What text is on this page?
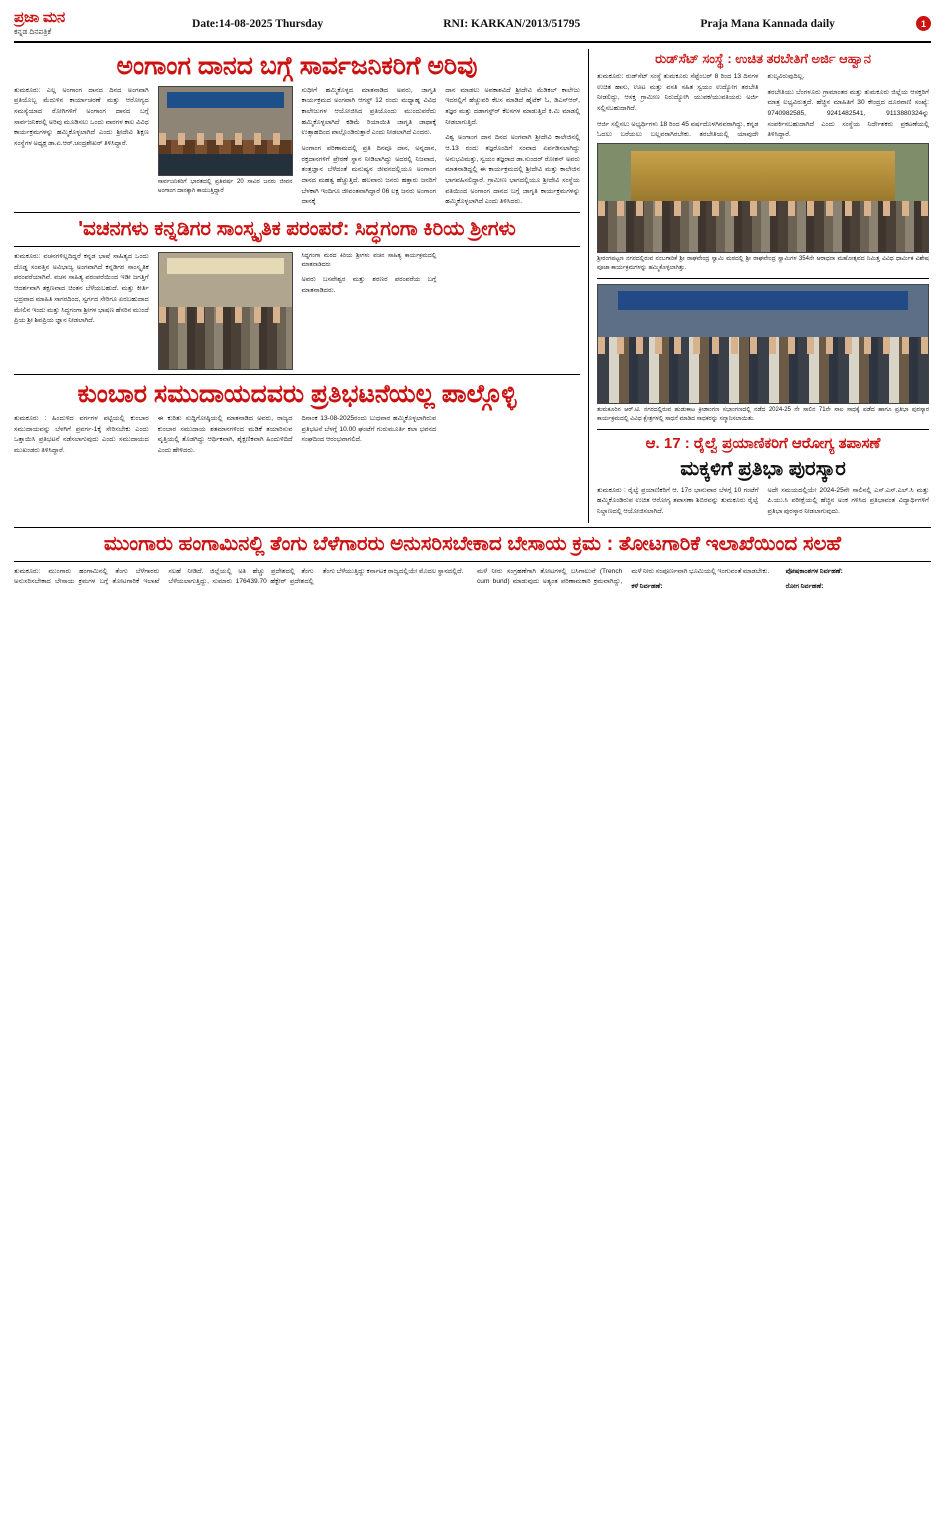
ಪ್ರಜಾ ಮನ
ಕನ್ನಡ ದಿನಪತ್ರಿಕೆ
Date:14-08-2025 Thursday	RNI: KARKAN/2013/51795	Praja Mana Kannada daily	1
ಅಂಗಾಂಗ ದಾನದ ಬಗ್ಗೆ ಸಾರ್ವಜನಿಕರಿಗೆ ಅರಿವು

ತುಮಕೂರು: ಎಲ್ಲ ಅಂಗಾಂಗ ದಾನದ ದಿನದ ಅಂಗವಾಗಿ ಪ್ರತಿಯೊಬ್ಬ ಮೆದುಳಿನ ಕಾರ್ಯಾಚರಣೆ ಮತ್ತು ಆರೋಗ್ಯದ ಸಮಸ್ಯೆಯಾದ ರೋಗಿಗಳಿಗೆ ಅಂಗಾಂಗ ದಾನದ ಬಗ್ಗೆ ಸಾರ್ವಜನಿಕರಲ್ಲಿ ಅರಿವು ಮೂಡಿಸಲು ಒಂದು ವಾರಗಳ ಕಾಲ ವಿವಿಧ ಕಾರ್ಯಕ್ರಮಗಳನ್ನು ಹಮ್ಮಿಕೊಳ್ಳಲಾಗಿದೆ ಎಂದು ಶ್ರೀದೇವಿ ಶಿಕ್ಷಣ ಸಂಸ್ಥೆಗಳ ಅಧ್ಯಕ್ಷ ಡಾ.ಏ.ಆರ್.ಚಂದ್ರಶೇಖರ್ ತಿಳಿಸಿದ್ದಾರೆ.

ಸಾರ್ವಜನಿಕರಿಗೆ ಭಾರತದಲ್ಲಿ ಪ್ರತಿವರ್ಷ 20 ಸಾವಿರ ಜನರು ಜೀವನ ಅಂಗಾಂಗ ದಾನಕ್ಕಾಗಿ ಕಾಯುತ್ತಿದ್ದಾರೆ

ಸುಧೀಗೆ ಹಮ್ಮಿಕೊಳ್ಳದ ಮಾತನಾಡಿದ ಅವರು, ಜಾಗೃತಿ ಕಾರ್ಯಕ್ರಮದ ಅಂಗವಾಗಿ ಆಗಸ್ಟ್ 12 ರಂದು ಮಧ್ಯಾಹ್ನ ವಿವಿಧ ಕಾಲೇಜುಗಳ ಆಯೋಜಿಸಿದ ಪ್ರತಿಯೊಂದು ಮುಂದುವರೆದು ಹಮ್ಮಿಕೊಳ್ಳಲಾಗಿದೆ ಕಡಿಮೆ ರಿಯಾಯಿತಿ ಜಾಗೃತಿ ಜಾಥಾಕ್ಕೆ ಉತ್ಸಾಹದಿಂದ ಪಾಲ್ಗೊಂಡಿರುತ್ತಾರೆ ಎಂದು ನೀಡಲಾಗಿದೆ ಎಂದರು.

ಅಂಗಾಂಗ ಪರಿಣಾಮದಲ್ಲಿ ಪ್ರತಿ ದಿನವೂ ದಾನ, ಅನ್ನದಾನ, ರಕ್ತದಾನಗಳಿಗೆ ಪ್ರೇರಣೆ ಸ್ಥಾನ ನೀಡಿಲಾಗಿದ್ದು ಅದರಲ್ಲಿ ನಿಜವಾದ, ತಂತ್ರಜ್ಞಾನ ಬೆಳೆದಂತೆ ಮನುಷ್ಯನ ಜೀವನದಲ್ಲಿಯೂ ಅಂಗಾಂಗ ದಾನದ ಮಹತ್ವ ಹೆಚ್ಚುತ್ತಿದೆ. ಹಲವಾರು ಜನರು ಹತ್ತಾರು ಜನರಿಗೆ ಬೆಳಕಾಗಿ ಇಂದಿಗೂ ಜೀವಂತವಾಗಿದ್ದಾರೆ 06 ಲಕ್ಷ ಜನರು ಅಂಗಾಂಗ ದಾನಕ್ಕೆ

ದಾನ ಮಾಡಲು ಅವಕಾಶವಿದೆ ಶ್ರೀದೇವಿ ಮೆಡಿಕಲ್ ಕಾಲೇಜು ಇದರಲ್ಲಿಗೆ ಹೆಚ್ಚುವರಿ ಕೆಲಸ ಮಾಡಿದೆ ಹೈಟೆಕ್ ಓ, ಡಿಎಸ್‌ಆರ್, ತಜ್ಞರ ಮತ್ತು ದಡಾಗಸ್ಟ್‌ರ್ ಕೆಲಸಗಳ ಮಾಡುತ್ತಿದೆ ಕಿ.ಮಿ ಮಾಡಲ್ಲಿ ನೀಡಲಾಗುತ್ತಿದೆ.

ವಿಶ್ವ ಅಂಗಾಂಗ ದಾನ ದಿನದ ಅಂಗವಾಗಿ ಶ್ರೀದೇವಿ ಕಾಲೇಜಿನಲ್ಲಿ ಆ.13 ರಂದು ತಜ್ಞರೊಂದಿಗೆ ಸಂವಾದ ಏರ್ಪಡಿಸಲಾಗಿದ್ದು ಅನುಭವಿಮತ್ತು, ಸ್ವಯಂ ತಜ್ಞರಾದ ಡಾ.ಸುಂದರ್ ರೋಶನ್ ಅವರು ಮಾತನಾಡಿದ್ದಲ್ಲಿ ಈ ಕಾರ್ಯಕ್ರಮದಲ್ಲಿ ಶ್ರೀದೇವಿ ಮತ್ತು ಕಾಲೇಜಿನ ಭಾಗವಹಿಸಲಿದ್ದಾರೆ. ಗ್ರಾಮೀಣ ಭಾಗದಲ್ಲಿಯೂ ಶ್ರೀದೇವಿ ಸಂಸ್ಥೆಯ ವತಿಯಿಂದ ಅಂಗಾಂಗ ದಾನದ ಬಗ್ಗೆ ಜಾಗೃತಿ ಕಾರ್ಯಕ್ರಮಗಳನ್ನು ಹಮ್ಮಿಕೊಳ್ಳಲಾಗಿದೆ ಎಂದು ತಿಳಿಸಿದರು.

'ವಚನಗಳು ಕನ್ನಡಿಗರ ಸಾಂಸ್ಕೃತಿಕ ಪರಂಪರೆ: ಸಿದ್ಧಗಂಗಾ ಕಿರಿಯ ಶ್ರೀಗಳು

ತುಮಕೂರು: ವಚನಗಳಿಲ್ಲದಿದ್ದರೆ ಕನ್ನಡ ಭಾಷೆ ಸಾಹಿತ್ಯದ ಒಂದು ದೊಡ್ಡ ಸಂಪತ್ತಿನ ಅವಿಭಾಜ್ಯ ಅಂಗವಾಗಿದೆ ಕನ್ನಡಿಗರ ಸಾಂಸ್ಕೃತಿಕ ಪರಂಪರೆಯಾಗಿವೆ. ವಚನ ಸಾಹಿತ್ಯ ಪರಂಪರೆಯಿಂದ ಇಡೀ ಜಗತ್ತಿಗೆ ಆದರ್ಶವಾಗಿ ತಕ್ಷಣವಾದ ಚಿಂತನ ಬೆಳೆಯಬಹುದೆ. ಮತ್ತು ಕೀರ್ತಿ ಭದ್ರವಾದ ಮಾಹಿತಿ ಸಾಗರದಿಂದ, ಸ್ವರ್ಗದ ಸೇರಿಗೂ ಏರಬಹುದಾದ ಮೇಲಿನ ಇಂದು ಮತ್ತು ಸಿದ್ಧಗಂಗಾ ಶ್ರೀಗಳ ಭಾಷಣ ಹೆಸರಿನ ಮುಂದೆ ಪ್ರಿಯ ಶ್ರೀ ಶಿವಪ್ರಿಯ ಜ್ಞಾನ ನೀಡಲಾಗಿದೆ.

ಸಿದ್ಧಗಂಗಾ ಮಠದ ಕಿರಿಯ ಶ್ರೀಗಳು ವಚನ ಸಾಹಿತ್ಯ ಕಾರ್ಯಕ್ರಮದಲ್ಲಿ ಮಾತನಾಡಿದರು

ಅವರು ಬಸವೇಶ್ವರ ಮತ್ತು ಶರಣರ ಪರಂಪರೆಯ ಬಗ್ಗೆ ಮಾತನಾಡಿದರು.

ಕುಂಬಾರ ಸಮುದಾಯದವರು ಪ್ರತಿಭಟನೆಯಲ್ಲ ಪಾಲ್ಗೊಳ್ಳಿ

ತುಮಕೂರು : ಹಿಂದುಳಿದ ವರ್ಗಗಳ ಪಟ್ಟಿಯಲ್ಲಿ ಕುಂಬಾರ ಸಮುದಾಯವನ್ನು ಬೆಳಗಿಗೆ ಪ್ರವರ್ಗ-1ಕ್ಕೆ ಸೇರಿಸಬೇಕು ಎಂದು ಒತ್ತಾಯಿಸಿ ಪ್ರತಿಭಟನೆ ನಡೆಸಲಾಗುವುದು ಎಂದು ಸಮುದಾಯದ ಮುಖಂಡರು ತಿಳಿಸಿದ್ದಾರೆ.

ಈ ಕುರಿತು ಸುದ್ದಿಗೋಷ್ಠಿಯಲ್ಲಿ ಮಾತನಾಡಿದ ಅವರು, ರಾಜ್ಯದ ಕುಂಬಾರ ಸಮುದಾಯ ಶತಮಾನಗಳಿಂದ ಮಡಿಕೆ ತಯಾರಿಸುವ ವೃತ್ತಿಯಲ್ಲಿ ತೊಡಗಿದ್ದು ಆರ್ಥಿಕವಾಗಿ, ಶೈಕ್ಷಣಿಕವಾಗಿ ಹಿಂದುಳಿದಿದೆ ಎಂದು ಹೇಳಿದರು.

ದಿನಾಂಕ 13-08-2025ರಂದು ಬುಧವಾರ ಹಮ್ಮಿಕೊಳ್ಳಲಾಗಿರುವ ಪ್ರತಿಭಟನೆ ಬೆಳಗ್ಗೆ 10.00 ಘಂಟೆಗೆ ಗುರುಮೂರ್ತಿ ಕಲಾ ಭವನದ ಸಂಘದಿಂದ ಆರಂಭವಾಗಲಿದೆ.

ರುಡ್‌ಸೆಟ್ ಸಂಸ್ಥೆ : ಉಚಿತ ತರಬೇತಿಗೆ ಅರ್ಜಿ ಆಹ್ವಾನ

ತುಮಕೂರು: ರುಡ್‌ಸೆಟ್ ಸಂಸ್ಥೆ ತುಮಕೂರು ಸೆಪ್ಟೆಂಬರ್ 8 ರಿಂದ 13 ದಿನಗಳ ಉಚಿತ ಹಾಸು, ಊಟ ಮತ್ತು ವಸತಿ ಸಹಿತ ಸ್ವಯಂ ಉದ್ಯೋಗ ತರಬೇತಿ ನೀಡಲಿದ್ದು, ಆಸಕ್ತ ಗ್ರಾಮೀಣ ನಿರುದ್ಯೋಗಿ ಯುವಕ/ಯುವತಿಯರು ಅರ್ಜಿ ಸಲ್ಲಿಸಬಹುದಾಗಿದೆ.

ಆರ್ಜಿ ಸಲ್ಲಿಸಲು ಅಭ್ಯರ್ಥಿಗಳು 18 ರಿಂದ 45 ವರ್ಷದೊಳಗಿನವರಾಗಿದ್ದು, ಕನ್ನಡ ಓದಲು ಬರೆಯಲು ಬಲ್ಲವರಾಗಿರಬೇಕು. ತರಬೇತಿಯಲ್ಲಿ ಯಾವುದೇ ಶುಲ್ಕವಿರುವುದಿಲ್ಲ.

ತರಬೇತಿಯು ಬೆಂಗಳೂರು ಗ್ರಾಮಾಂತರ ಮತ್ತು ತುಮಕೂರು ಜಿಲ್ಲೆಯ ಆಸಕ್ತರಿಗೆ ಮಾತ್ರ ಲಭ್ಯವಿರುತ್ತದೆ. ಹೆಚ್ಚಿನ ಮಾಹಿತಿಗೆ 30 ಕೇಂದ್ರದ ದೂರವಾಣಿ ಸಂಖ್ಯೆ: 9740982585, 9241482541, 9113880324ನ್ನು ಸಂಪರ್ಕಿಸಬಹುದಾಗಿದೆ ಎಂದು ಸಂಸ್ಥೆಯ ನಿರ್ದೇಶಕರು ಪ್ರಕಟಣೆಯಲ್ಲಿ ತಿಳಿಸಿದ್ದಾರೆ.

ಶ್ರೀರಂಗಪಟ್ಟಣ ನಗರದಲ್ಲಿರುವ ನಂಬಗಾರಿಕೆ ಶ್ರೀ ರಾಘವೇಂದ್ರ ಸ್ವಾಮಿ ಮಠದಲ್ಲಿ ಶ್ರೀ ರಾಘವೇಂದ್ರ ಸ್ವಾಮಿಗಳ 354ನೇ ಆರಾಧನಾ ಮಹೋತ್ಸವದ ನಿಮಿತ್ತ ವಿವಿಧ ಧಾರ್ಮಿಕ ವಿಶೇಷ ಪೂಜಾ ಕಾರ್ಯಕ್ರಮಗಳನ್ನು ಹಮ್ಮಿಕೊಳ್ಳಲಾಗಿತ್ತು.

ತುಮಕೂರಿನ ಆರ್.ಟಿ. ನಗರದಲ್ಲಿರುವ ಹುಡುಕಾಟ ಕ್ರೀಡಾಂಗಣ ಸಭಾಂಗಣದಲ್ಲಿ ನಡೆದ 2024-25 ನೇ ಸಾಲಿನ 71ನೇ ಸಾಲ ಸಾಧಕ್ಕೆ ಪಡೆದ ಹಾಗೂ ಪ್ರತಿಭಾ ಪುರಸ್ಕಾರ ಕಾರ್ಯಕ್ರಮದಲ್ಲಿ ವಿವಿಧ ಕ್ಷೇತ್ರಗಳಲ್ಲಿ ಸಾಧನೆ ಮಾಡಿದ ಸಾಧಕರನ್ನು ಸನ್ಮಾನಿಸಲಾಯಿತು.

ಆ. 17 : ರೈಲ್ವೆ ಪ್ರಯಾಣಿಕರಿಗೆ ಆರೋಗ್ಯ ತಪಾಸಣೆ
ಮಕ್ಕಳಿಗೆ ಪ್ರತಿಭಾ ಪುರಸ್ಕಾರ

ತುಮಕೂರು : ರೈಲ್ವೆ ಪ್ರಯಾಣಿಕರಿಗೆ ಆ. 17ರ ಭಾನುವಾರ ಬೆಳಗ್ಗೆ 10 ಗಂಟೆಗೆ ಹಮ್ಮಿಕೊಂಡಿರುವ ಉಚಿತ ಆರೋಗ್ಯ ತಪಾಸಣಾ ಶಿಬಿರವನ್ನು ತುಮಕೂರು ರೈಲ್ವೆ ನಿಲ್ದಾಣದಲ್ಲಿ ಆಯೋಜಿಸಲಾಗಿದೆ.

ಅದೇ ಸಮಯದಲ್ಲಿಯೇ 2024-25ನೇ ಸಾಲಿನಲ್ಲಿ ಎಸ್.ಎಸ್.ಎಲ್.ಸಿ ಮತ್ತು ಪಿ.ಯು.ಸಿ ಪರೀಕ್ಷೆಯಲ್ಲಿ ಹೆಚ್ಚಿನ ಅಂಕ ಗಳಿಸಿದ ಪ್ರತಿಭಾವಂತ ವಿದ್ಯಾರ್ಥಿಗಳಿಗೆ ಪ್ರತಿಭಾ ಪುರಸ್ಕಾರ ನೀಡಲಾಗುವುದು.

ಮುಂಗಾರು ಹಂಗಾಮಿನಲ್ಲಿ ತೆಂಗು ಬೆಳೆಗಾರರು ಅನುಸರಿಸಬೇಕಾದ ಬೇಸಾಯ ಕ್ರಮ : ತೋಟಗಾರಿಕೆ ಇಲಾಖೆಯಿಂದ ಸಲಹೆ

ತುಮಕೂರು: ಮುಂಗಾರು ಹಂಗಾಮಿನಲ್ಲಿ ತೆಂಗು ಬೆಳೆಗಾರರು ಅನುಸರಿಸಬೇಕಾದ ಬೇಸಾಯ ಕ್ರಮಗಳ ಬಗ್ಗೆ ತೋಟಗಾರಿಕೆ ಇಲಾಖೆ ಸಲಹೆ ನೀಡಿದೆ. ಜಿಲ್ಲೆಯಲ್ಲಿ ಅತಿ ಹೆಚ್ಚು ಪ್ರದೇಶದಲ್ಲಿ ತೆಂಗು ಬೆಳೆಯಲಾಗುತ್ತಿದ್ದು, ಸುಮಾರು 176439.70 ಹೆಕ್ಟೇರ್ ಪ್ರದೇಶದಲ್ಲಿ ತೆಂಗು ಬೆಳೆಯುತ್ತಿದ್ದು ಕರ್ನಾಟಕ ರಾಜ್ಯದಲ್ಲಿಯೇ ಮೊದಲ ಸ್ಥಾನದಲ್ಲಿದೆ.	ಮಳೆ ನೀರು ಸಂಗ್ರಹಣೆಗಾಗಿ ತೋಟಗಳಲ್ಲಿ ಬಸಿಗಾಲುವೆ (Trench cum bund) ಮಾಡುವುದು ಅತ್ಯಂತ ಪರಿಣಾಮಕಾರಿ ಕ್ರಮವಾಗಿದ್ದು, ಮಳೆ ನೀರು ಸಂಪೂರ್ಣವಾಗಿ ಭೂಮಿಯಲ್ಲಿ ಇಂಗುವಂತೆ ಮಾಡಬೇಕು.

ಕಳೆ ನಿರ್ವಹಣೆ:

ಪೋಷಕಾಂಶಗಳ ನಿರ್ವಹಣೆ:

ರೋಗ ನಿರ್ವಹಣೆ:
